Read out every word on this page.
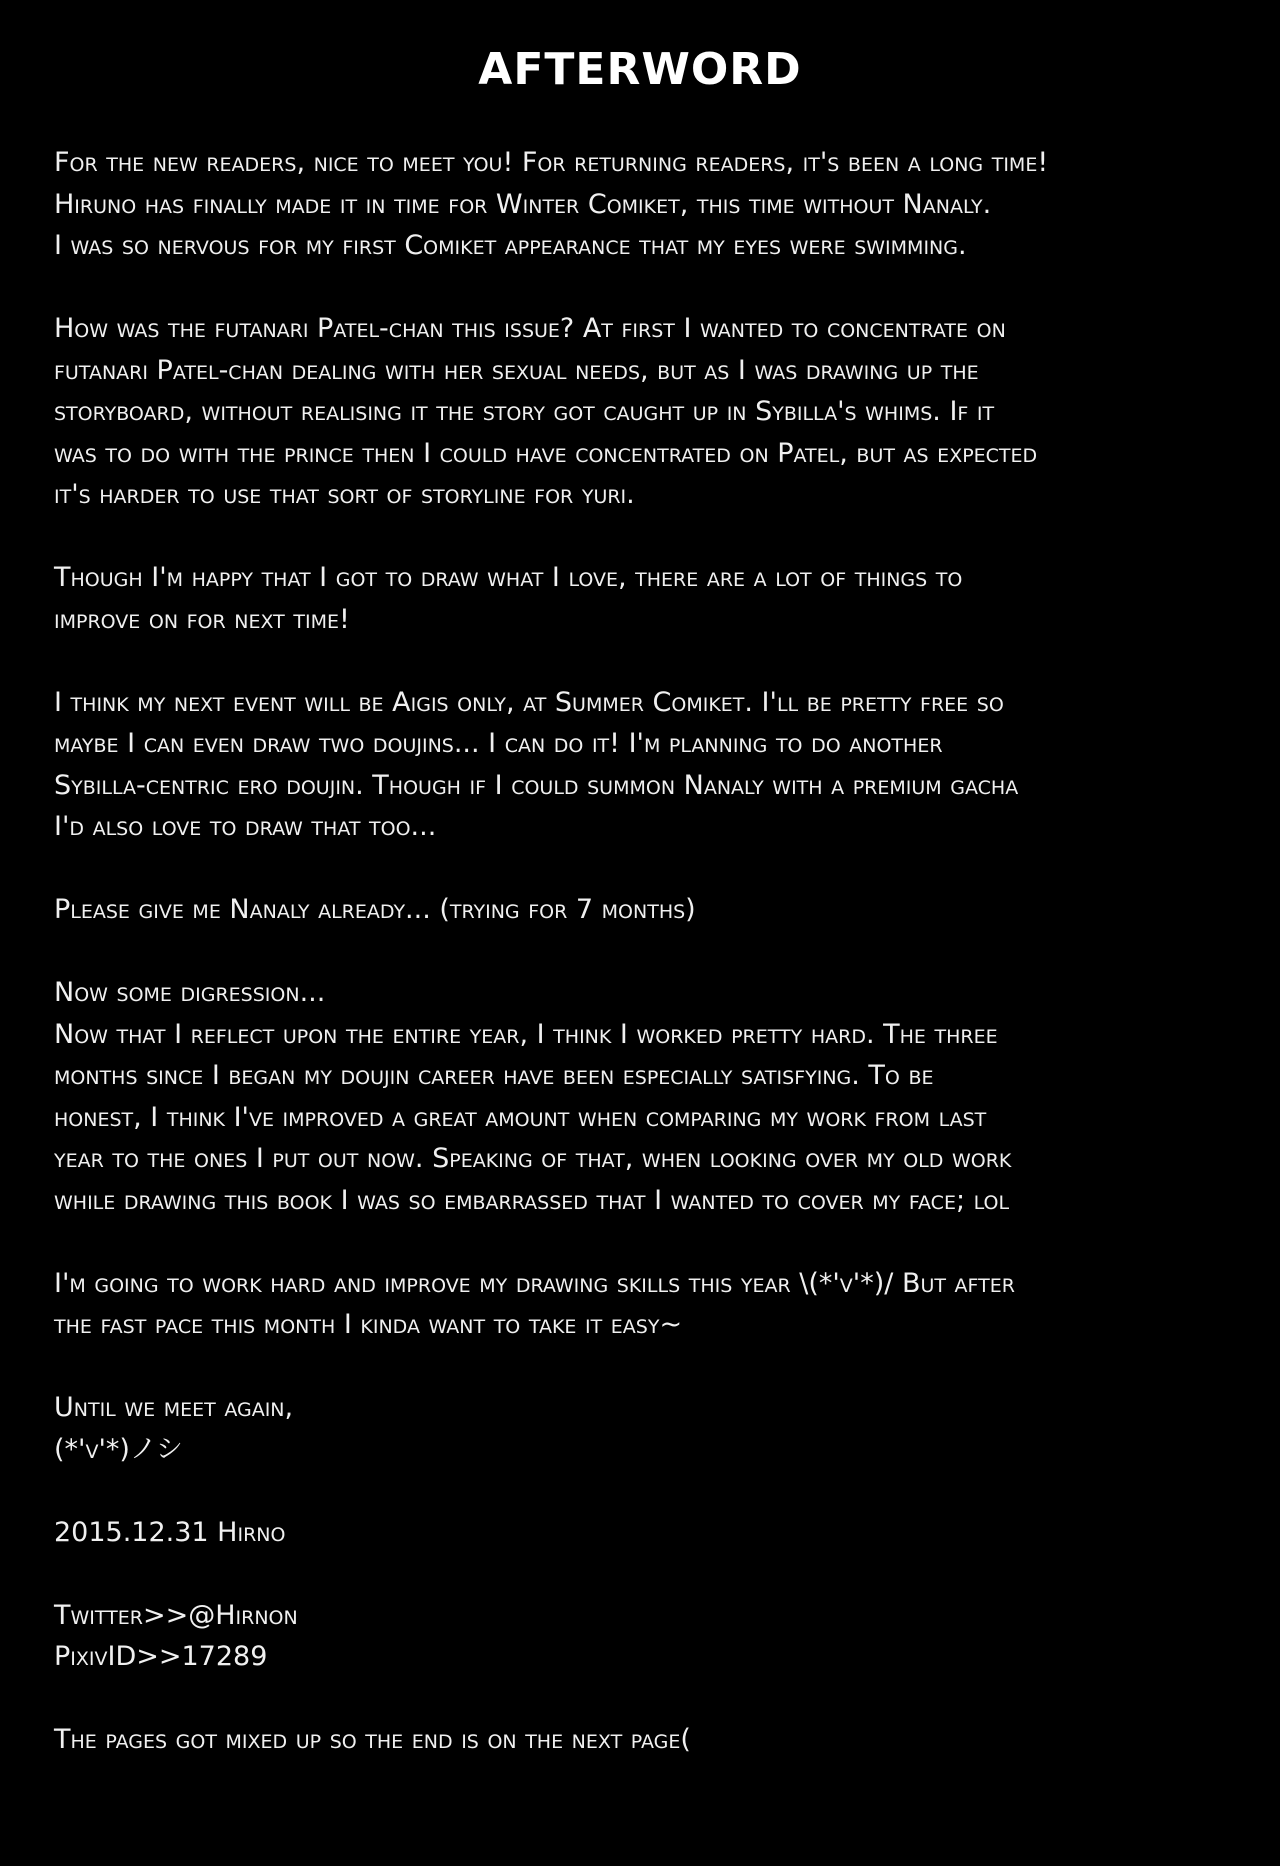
AFTERWORD
For the new readers, nice to meet you! For returning readers, it's been a long time!
Hiruno has finally made it in time for Winter Comiket, this time without Nanaly.
I was so nervous for my first Comiket appearance that my eyes were swimming.
How was the futanari Patel-chan this issue? At first I wanted to concentrate on
futanari Patel-chan dealing with her sexual needs, but as I was drawing up the
storyboard, without realising it the story got caught up in Sybilla's whims. If it
was to do with the prince then I could have concentrated on Patel, but as expected
it's harder to use that sort of storyline for yuri.
Though I'm happy that I got to draw what I love, there are a lot of things to
improve on for next time!
I think my next event will be Aigis only, at Summer Comiket. I'll be pretty free so
maybe I can even draw two doujins... I can do it! I'm planning to do another
Sybilla-centric ero doujin. Though if I could summon Nanaly with a premium gacha
I'd also love to draw that too...
Please give me Nanaly already... (trying for 7 months)
Now some digression...
Now that I reflect upon the entire year, I think I worked pretty hard. The three
months since I began my doujin career have been especially satisfying. To be
honest, I think I've improved a great amount when comparing my work from last
year to the ones I put out now. Speaking of that, when looking over my old work
while drawing this book I was so embarrassed that I wanted to cover my face; lol
I'm going to work hard and improve my drawing skills this year \(*'v'*)/ But after
the fast pace this month I kinda want to take it easy~
Until we meet again,
(*'v'*)ノシ
2015.12.31 Hirno
Twitter>>@Hirnon
PixivID>>17289
The pages got mixed up so the end is on the next page(
